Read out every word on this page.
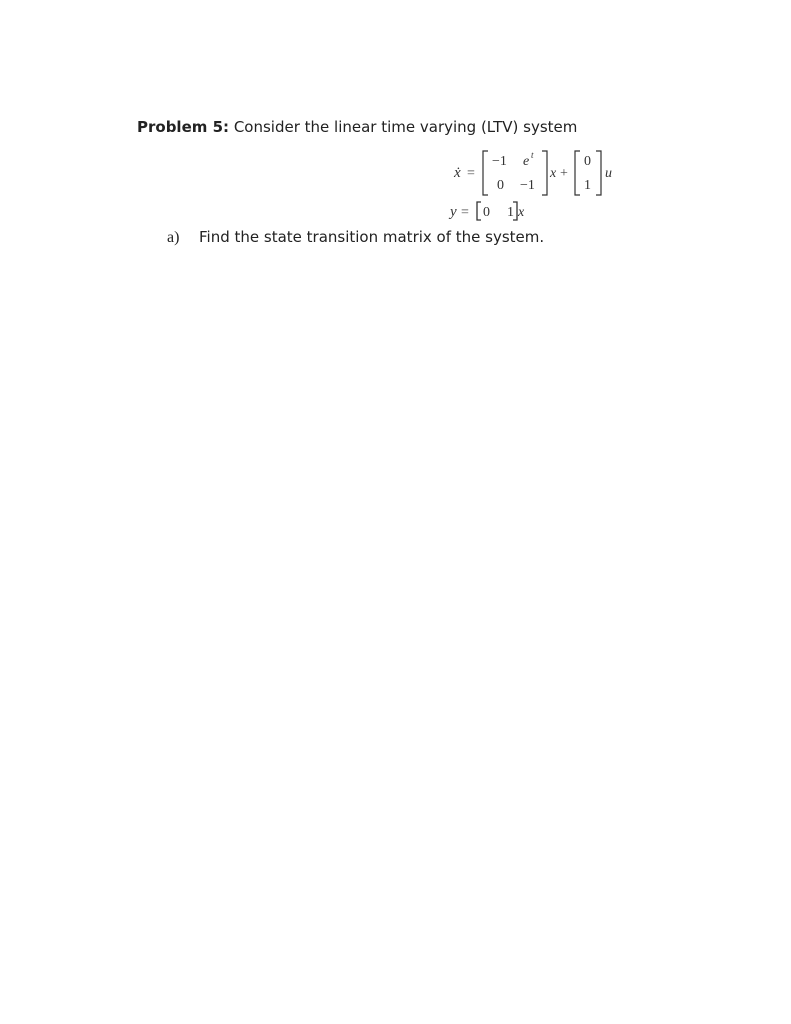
Problem 5: Consider the linear time varying (LTV) system
ẋ =
−1 e t
0 −1
x +
0
1
u
y = 0 1 x
a) Find the state transition matrix of the system.
